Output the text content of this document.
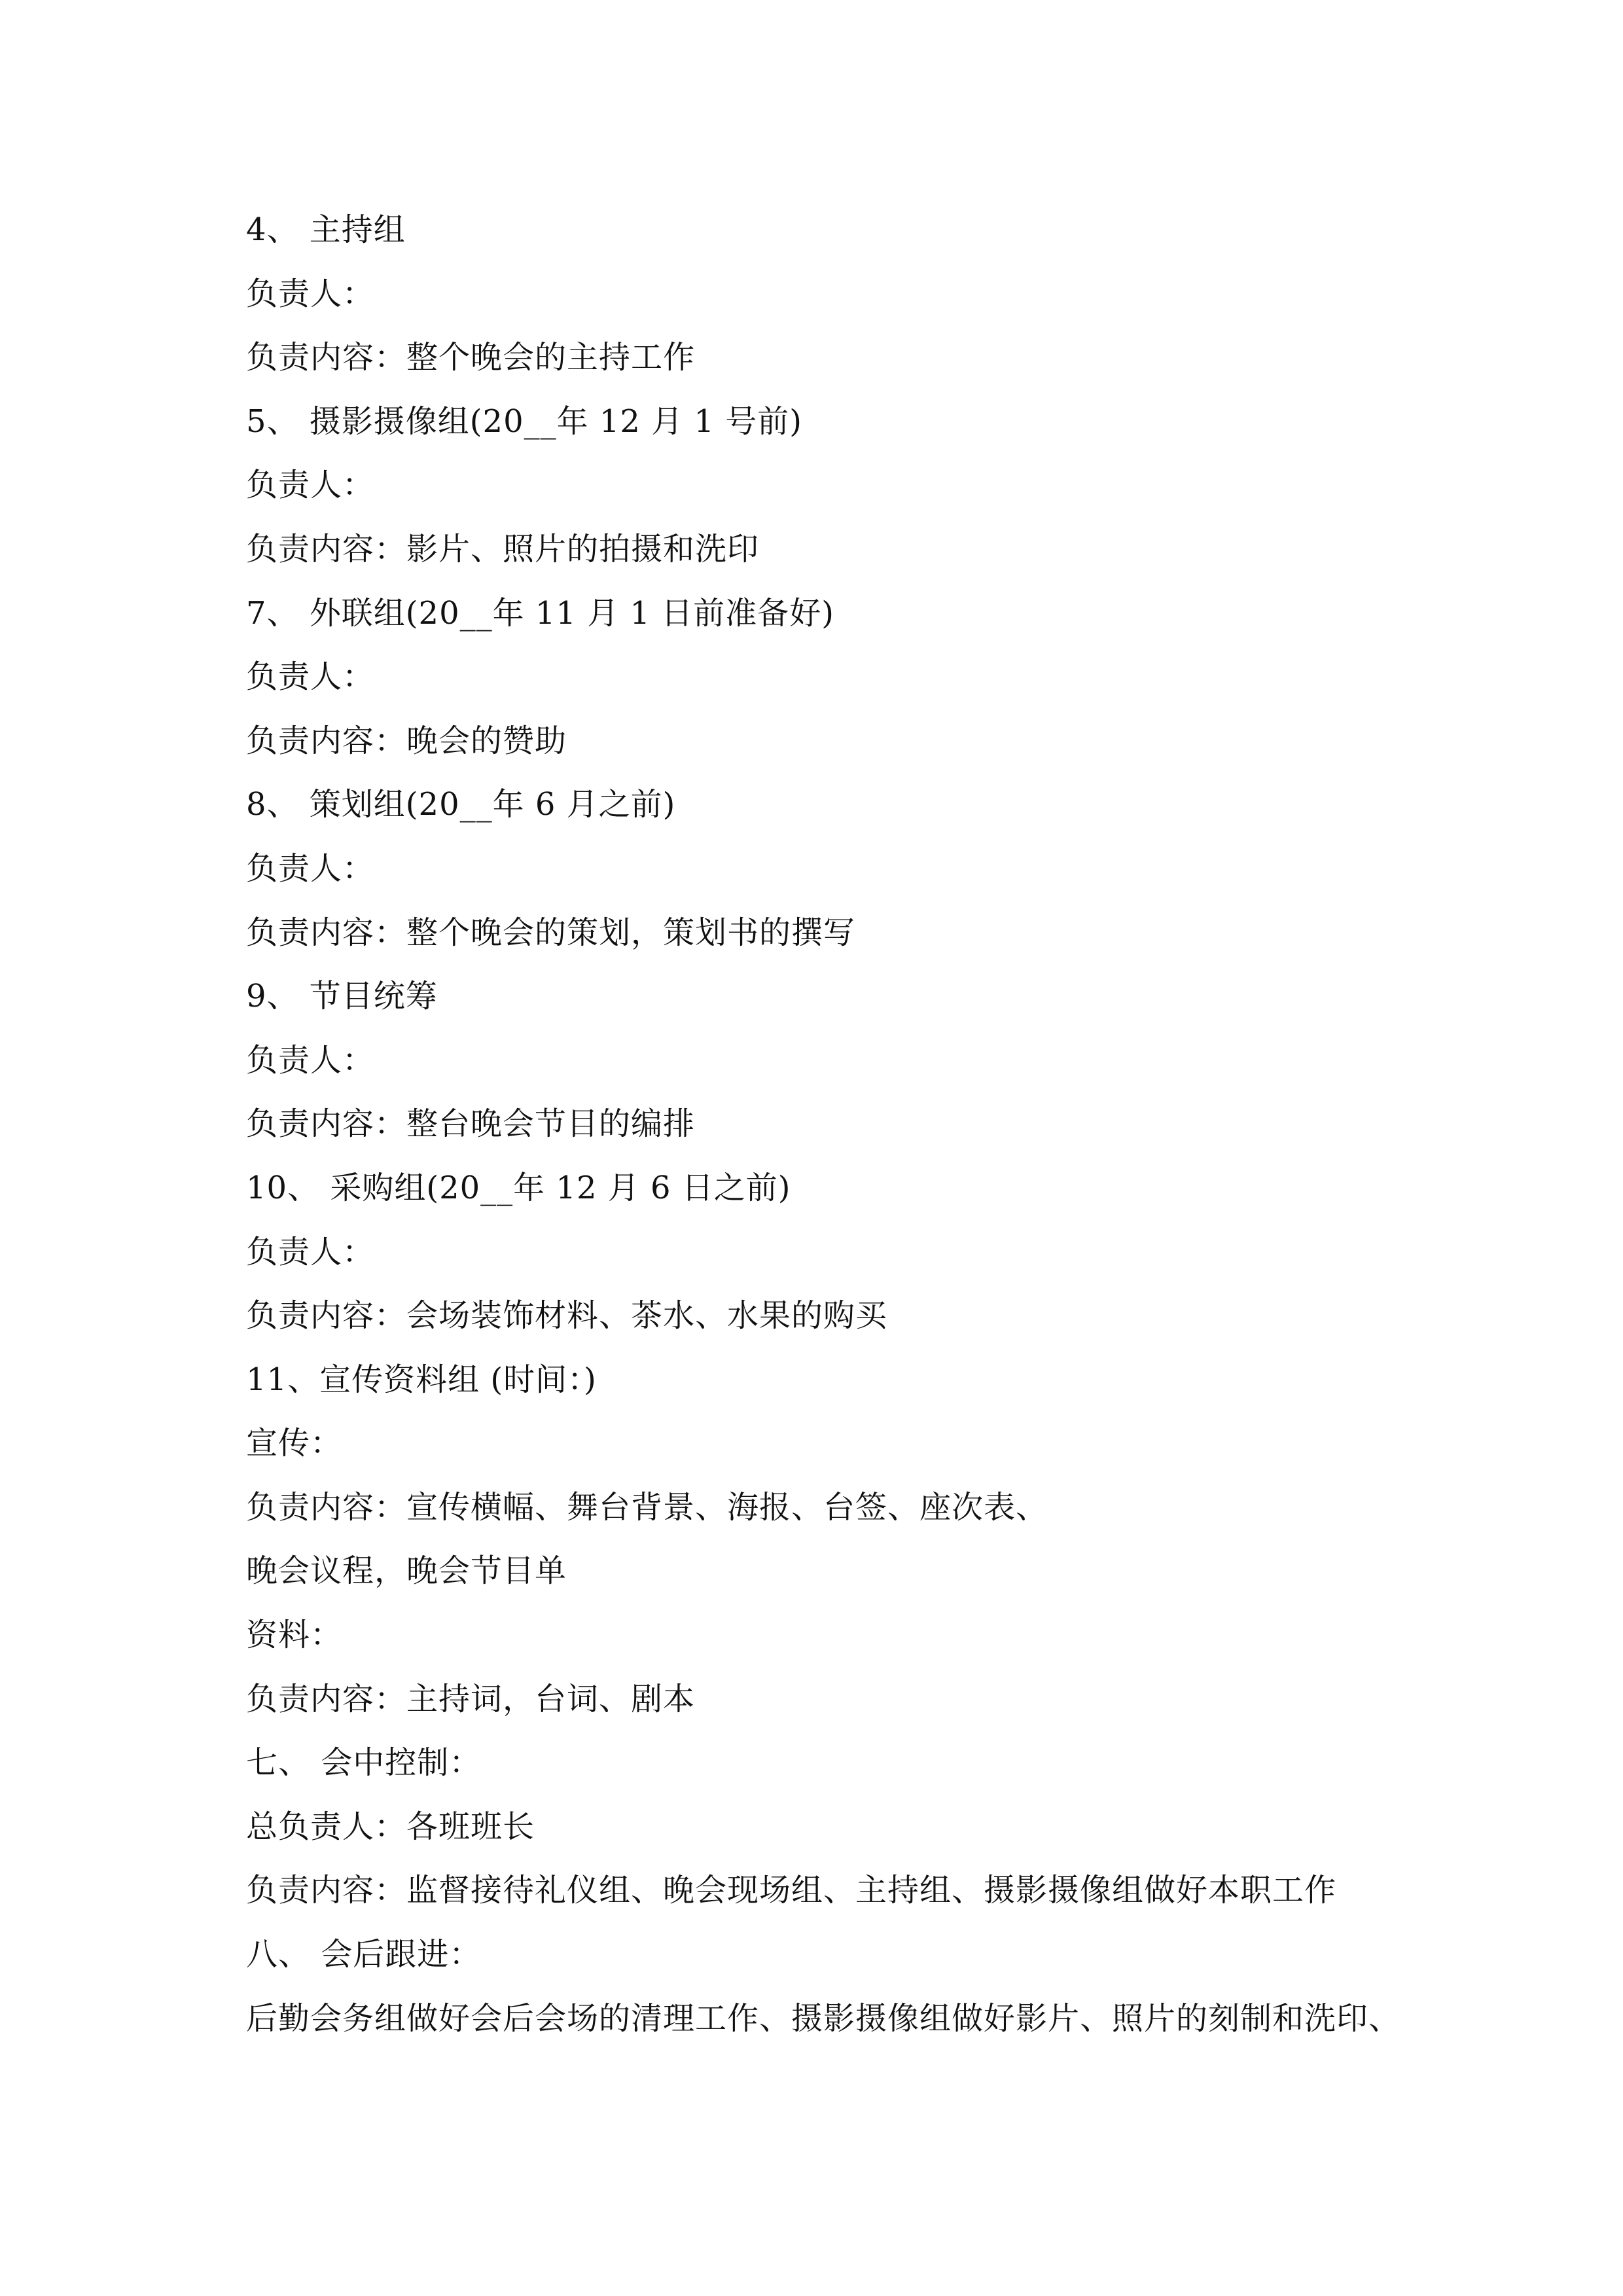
4、 主持组
负责人：
负责内容：整个晚会的主持工作
5、 摄影摄像组(20__年 12 月 1 号前)
负责人：
负责内容：影片、照片的拍摄和洗印
7、 外联组(20__年 11 月 1 日前准备好)
负责人：
负责内容：晚会的赞助
8、 策划组(20__年 6 月之前)
负责人：
负责内容：整个晚会的策划，策划书的撰写
9、 节目统筹
负责人：
负责内容：整台晚会节目的编排
10、 采购组(20__年 12 月 6 日之前)
负责人：
负责内容：会场装饰材料、茶水、水果的购买
11、宣传资料组 (时间：)
宣传：
负责内容：宣传横幅、舞台背景、海报、台签、座次表、
晚会议程，晚会节目单
资料：
负责内容：主持词，台词、剧本
七、 会中控制：
总负责人：各班班长
负责内容：监督接待礼仪组、晚会现场组、主持组、摄影摄像组做好本职工作
八、 会后跟进：
后勤会务组做好会后会场的清理工作、摄影摄像组做好影片、照片的刻制和洗印、
